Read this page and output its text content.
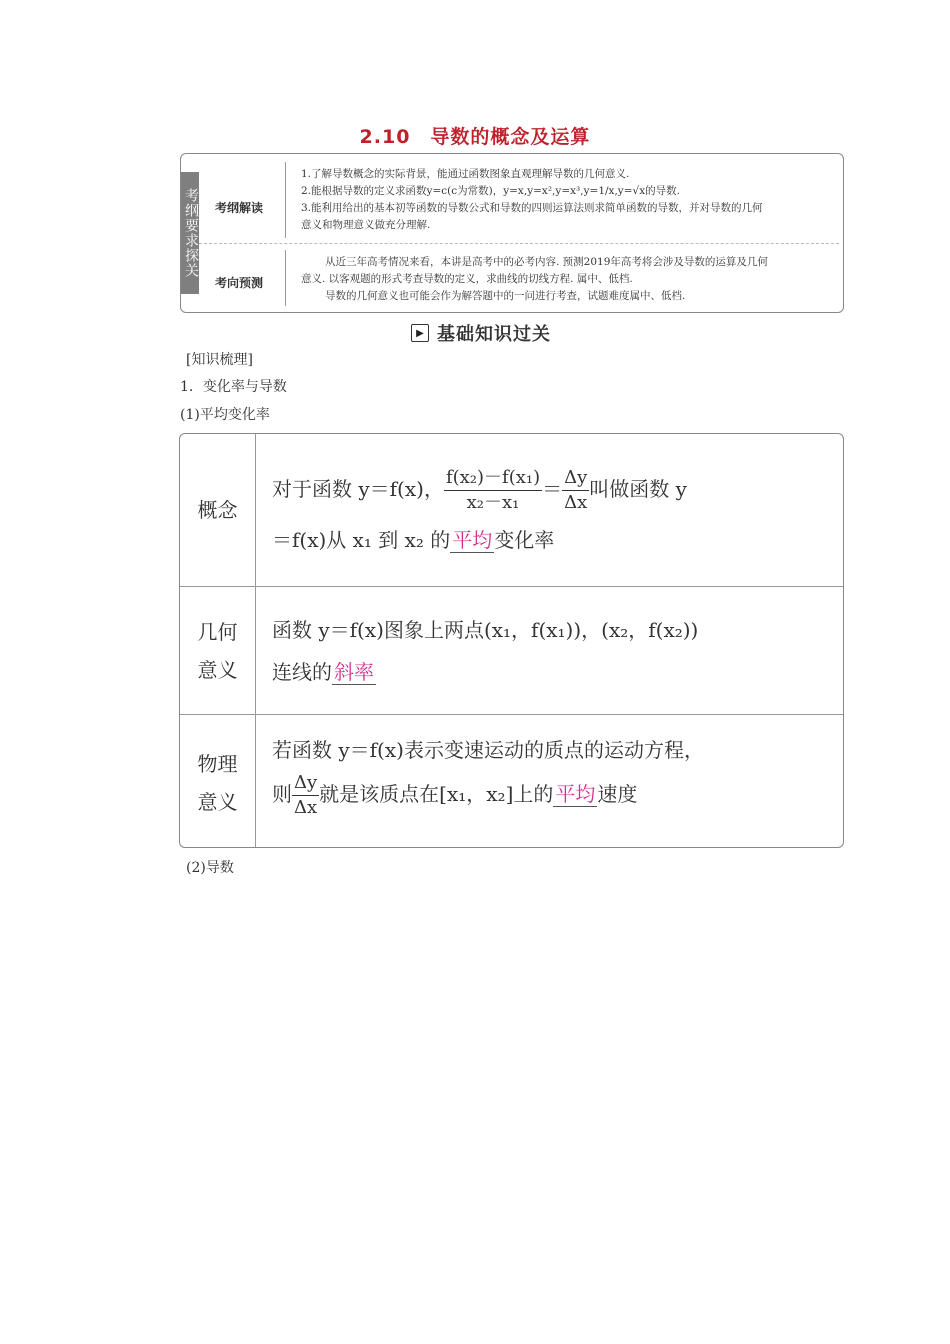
2.10　导数的概念及运算
考纲要求探关 考纲解读
1.了解导数概念的实际背景，能通过函数图象直观理解导数的几何意义.
2.能根据导数的定义求函数y=c(c为常数)，y=x,y=x²,y=x³,y=1/x,y=√x的导数.
3.能利用给出的基本初等函数的导数公式和导数的四则运算法则求简单函数的导数，并对导数的几何
意义和物理意义做充分理解.
考向预测
从近三年高考情况来看，本讲是高考中的必考内容. 预测2019年高考将会涉及导数的运算及几何
意义. 以客观题的形式考查导数的定义，求曲线的切线方程. 属中、低档.
导数的几何意义也可能会作为解答题中的一问进行考查，试题难度属中、低档.
▶ 基础知识过关
[知识梳理]
1．变化率与导数
(1)平均变化率
概念
对于函数 y＝f(x)， $\frac{\text{f(x₂)－f(x₁)}}{\text{x₂－x₁}} = \frac{\Delta y}{\Delta x}$ 叫做函数 y
＝f(x)从 x₁ 到 x₂ 的 平均 变化率
几何
意义
函数 y＝f(x)图象上两点(x₁，f(x₁))，(x₂，f(x₂))
连线的 斜率
物理
意义
若函数 y＝f(x)表示变速运动的质点的运动方程，
则 $\frac{\Delta y}{\Delta x}$ 就是该质点在[x₁，x₂]上的 平均 速度
(2)导数
